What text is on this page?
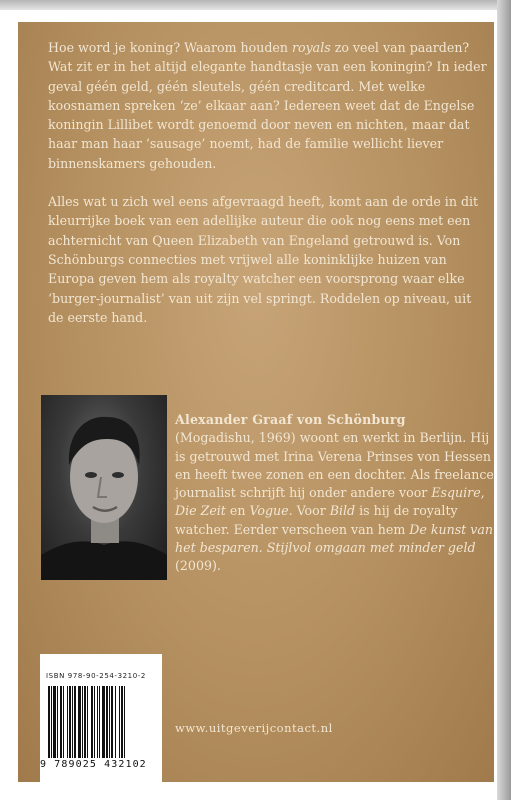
Hoe word je koning? Waarom houden royals zo veel van paarden? Wat zit er in het altijd elegante handtasje van een koningin? In ieder geval géén geld, géén sleutels, géén creditcard. Met welke koosnamen spreken ‘ze’ elkaar aan? Iedereen weet dat de Engelse koningin Lillibet wordt genoemd door neven en nichten, maar dat haar man haar ‘sausage’ noemt, had de familie wellicht liever binnenskamers gehouden.

Alles wat u zich wel eens afgevraagd heeft, komt aan de orde in dit kleurrijke boek van een adellijke auteur die ook nog eens met een achternicht van Queen Elizabeth van Engeland getrouwd is. Von Schönburgs connecties met vrijwel alle koninklijke huizen van Europa geven hem als royalty watcher een voorsprong waar elke ‘burger-journalist’ van uit zijn vel springt. Roddelen op niveau, uit de eerste hand.

Alexander Graaf von Schönburg
(Mogadishu, 1969) woont en werkt in Berlijn. Hij is getrouwd met Irina Verena Prinses von Hessen en heeft twee zonen en een dochter. Als freelance journalist schrijft hij onder andere voor Esquire, Die Zeit en Vogue. Voor Bild is hij de royalty watcher. Eerder verscheen van hem De kunst van het besparen. Stijlvol omgaan met minder geld (2009).
ISBN 978-90-254-3210-2
9 789025 432102
www.uitgeverijcontact.nl
